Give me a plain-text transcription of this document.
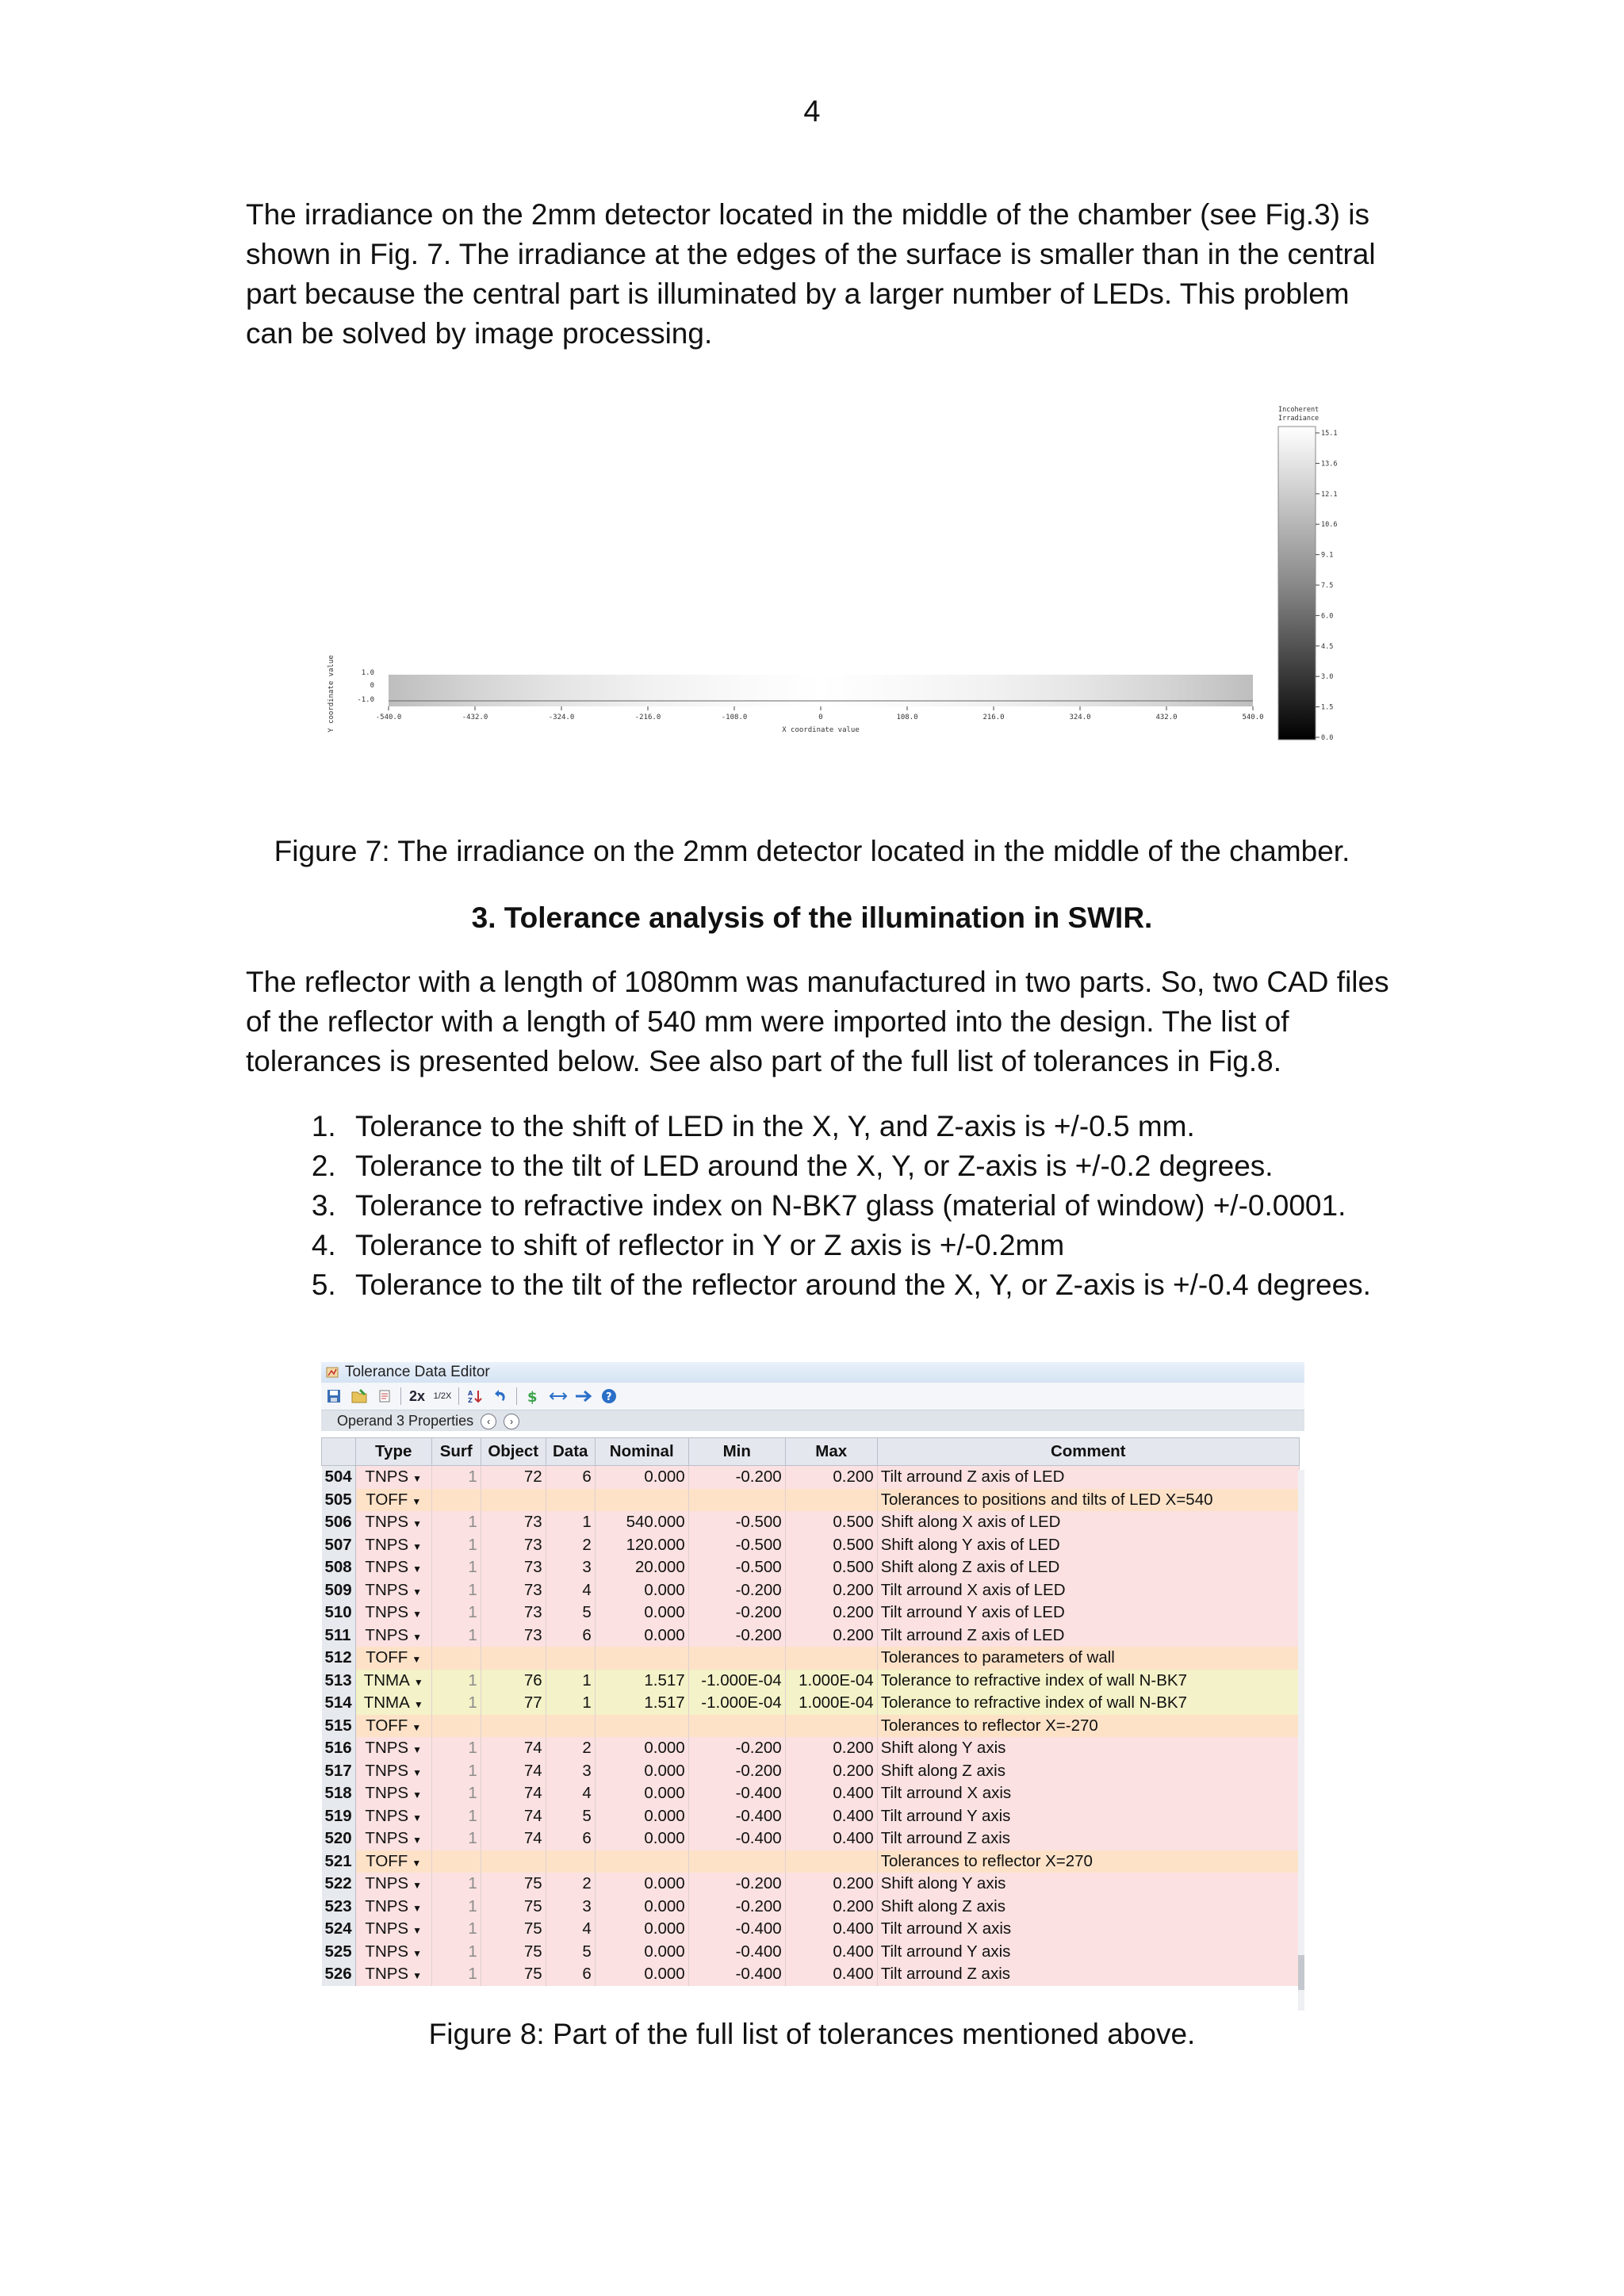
4

The irradiance on the 2mm detector located in the middle of the chamber (see Fig.3) is shown in Fig. 7. The irradiance at the edges of the surface is smaller than in the central part because the central part is illuminated by a larger number of LEDs. This problem can be solved by image processing.

Y coordinate value	1.0
0
-1.0
-540.0	-432.0	-324.0	-216.0	-108.0	0	108.0	216.0	324.0	432.0	540.0
X coordinate value
Incoherent
Irradiance
15.1
13.6
12.1
10.6
9.1
7.5
6.0
4.5
3.0
1.5
0.0
Figure 7: The irradiance on the 2mm detector located in the middle of the chamber.
3. Tolerance analysis of the illumination in SWIR.

The reflector with a length of 1080mm was manufactured in two parts. So, two CAD files of the reflector with a length of 540 mm were imported into the design. The list of tolerances is presented below. See also part of the full list of tolerances in Fig.8.

1. Tolerance to the shift of LED in the X, Y, and Z-axis is +/-0.5 mm.
2. Tolerance to the tilt of LED around the X, Y, or Z-axis is +/-0.2 degrees.
3. Tolerance to refractive index on N-BK7 glass (material of window) +/-0.0001.
4. Tolerance to shift of reflector in Y or Z axis is +/-0.2mm
5. Tolerance to the tilt of the reflector around the X, Y, or Z-axis is +/-0.4 degrees.
Tolerance Data Editor
2x 1/2X	A
Z	$	?
Operand 3 Properties ‹ ›
	Type	Surf	Object	Data	Nominal	Min	Max	Comment
504	TNPS ▼	1	72	6	0.000	-0.200	0.200	Tilt arround Z axis of LED
505	TOFF ▼							Tolerances to positions and tilts of LED X=540
506	TNPS ▼	1	73	1	540.000	-0.500	0.500	Shift along X axis of LED
507	TNPS ▼	1	73	2	120.000	-0.500	0.500	Shift along Y axis of LED
508	TNPS ▼	1	73	3	20.000	-0.500	0.500	Shift along Z axis of LED
509	TNPS ▼	1	73	4	0.000	-0.200	0.200	Tilt arround X axis of LED
510	TNPS ▼	1	73	5	0.000	-0.200	0.200	Tilt arround Y axis of LED
511	TNPS ▼	1	73	6	0.000	-0.200	0.200	Tilt arround Z axis of LED
512	TOFF ▼							Tolerances to parameters of wall
513	TNMA ▼	1	76	1	1.517	-1.000E-04	1.000E-04	Tolerance to refractive index of wall N-BK7
514	TNMA ▼	1	77	1	1.517	-1.000E-04	1.000E-04	Tolerance to refractive index of wall N-BK7
515	TOFF ▼							Tolerances to reflector X=-270
516	TNPS ▼	1	74	2	0.000	-0.200	0.200	Shift along Y axis
517	TNPS ▼	1	74	3	0.000	-0.200	0.200	Shift along Z axis
518	TNPS ▼	1	74	4	0.000	-0.400	0.400	Tilt arround X axis
519	TNPS ▼	1	74	5	0.000	-0.400	0.400	Tilt arround Y axis
520	TNPS ▼	1	74	6	0.000	-0.400	0.400	Tilt arround Z axis
521	TOFF ▼							Tolerances to reflector X=270
522	TNPS ▼	1	75	2	0.000	-0.200	0.200	Shift along Y axis
523	TNPS ▼	1	75	3	0.000	-0.200	0.200	Shift along Z axis
524	TNPS ▼	1	75	4	0.000	-0.400	0.400	Tilt arround X axis
525	TNPS ▼	1	75	5	0.000	-0.400	0.400	Tilt arround Y axis
526	TNPS ▼	1	75	6	0.000	-0.400	0.400	Tilt arround Z axis
Figure 8: Part of the full list of tolerances mentioned above.
